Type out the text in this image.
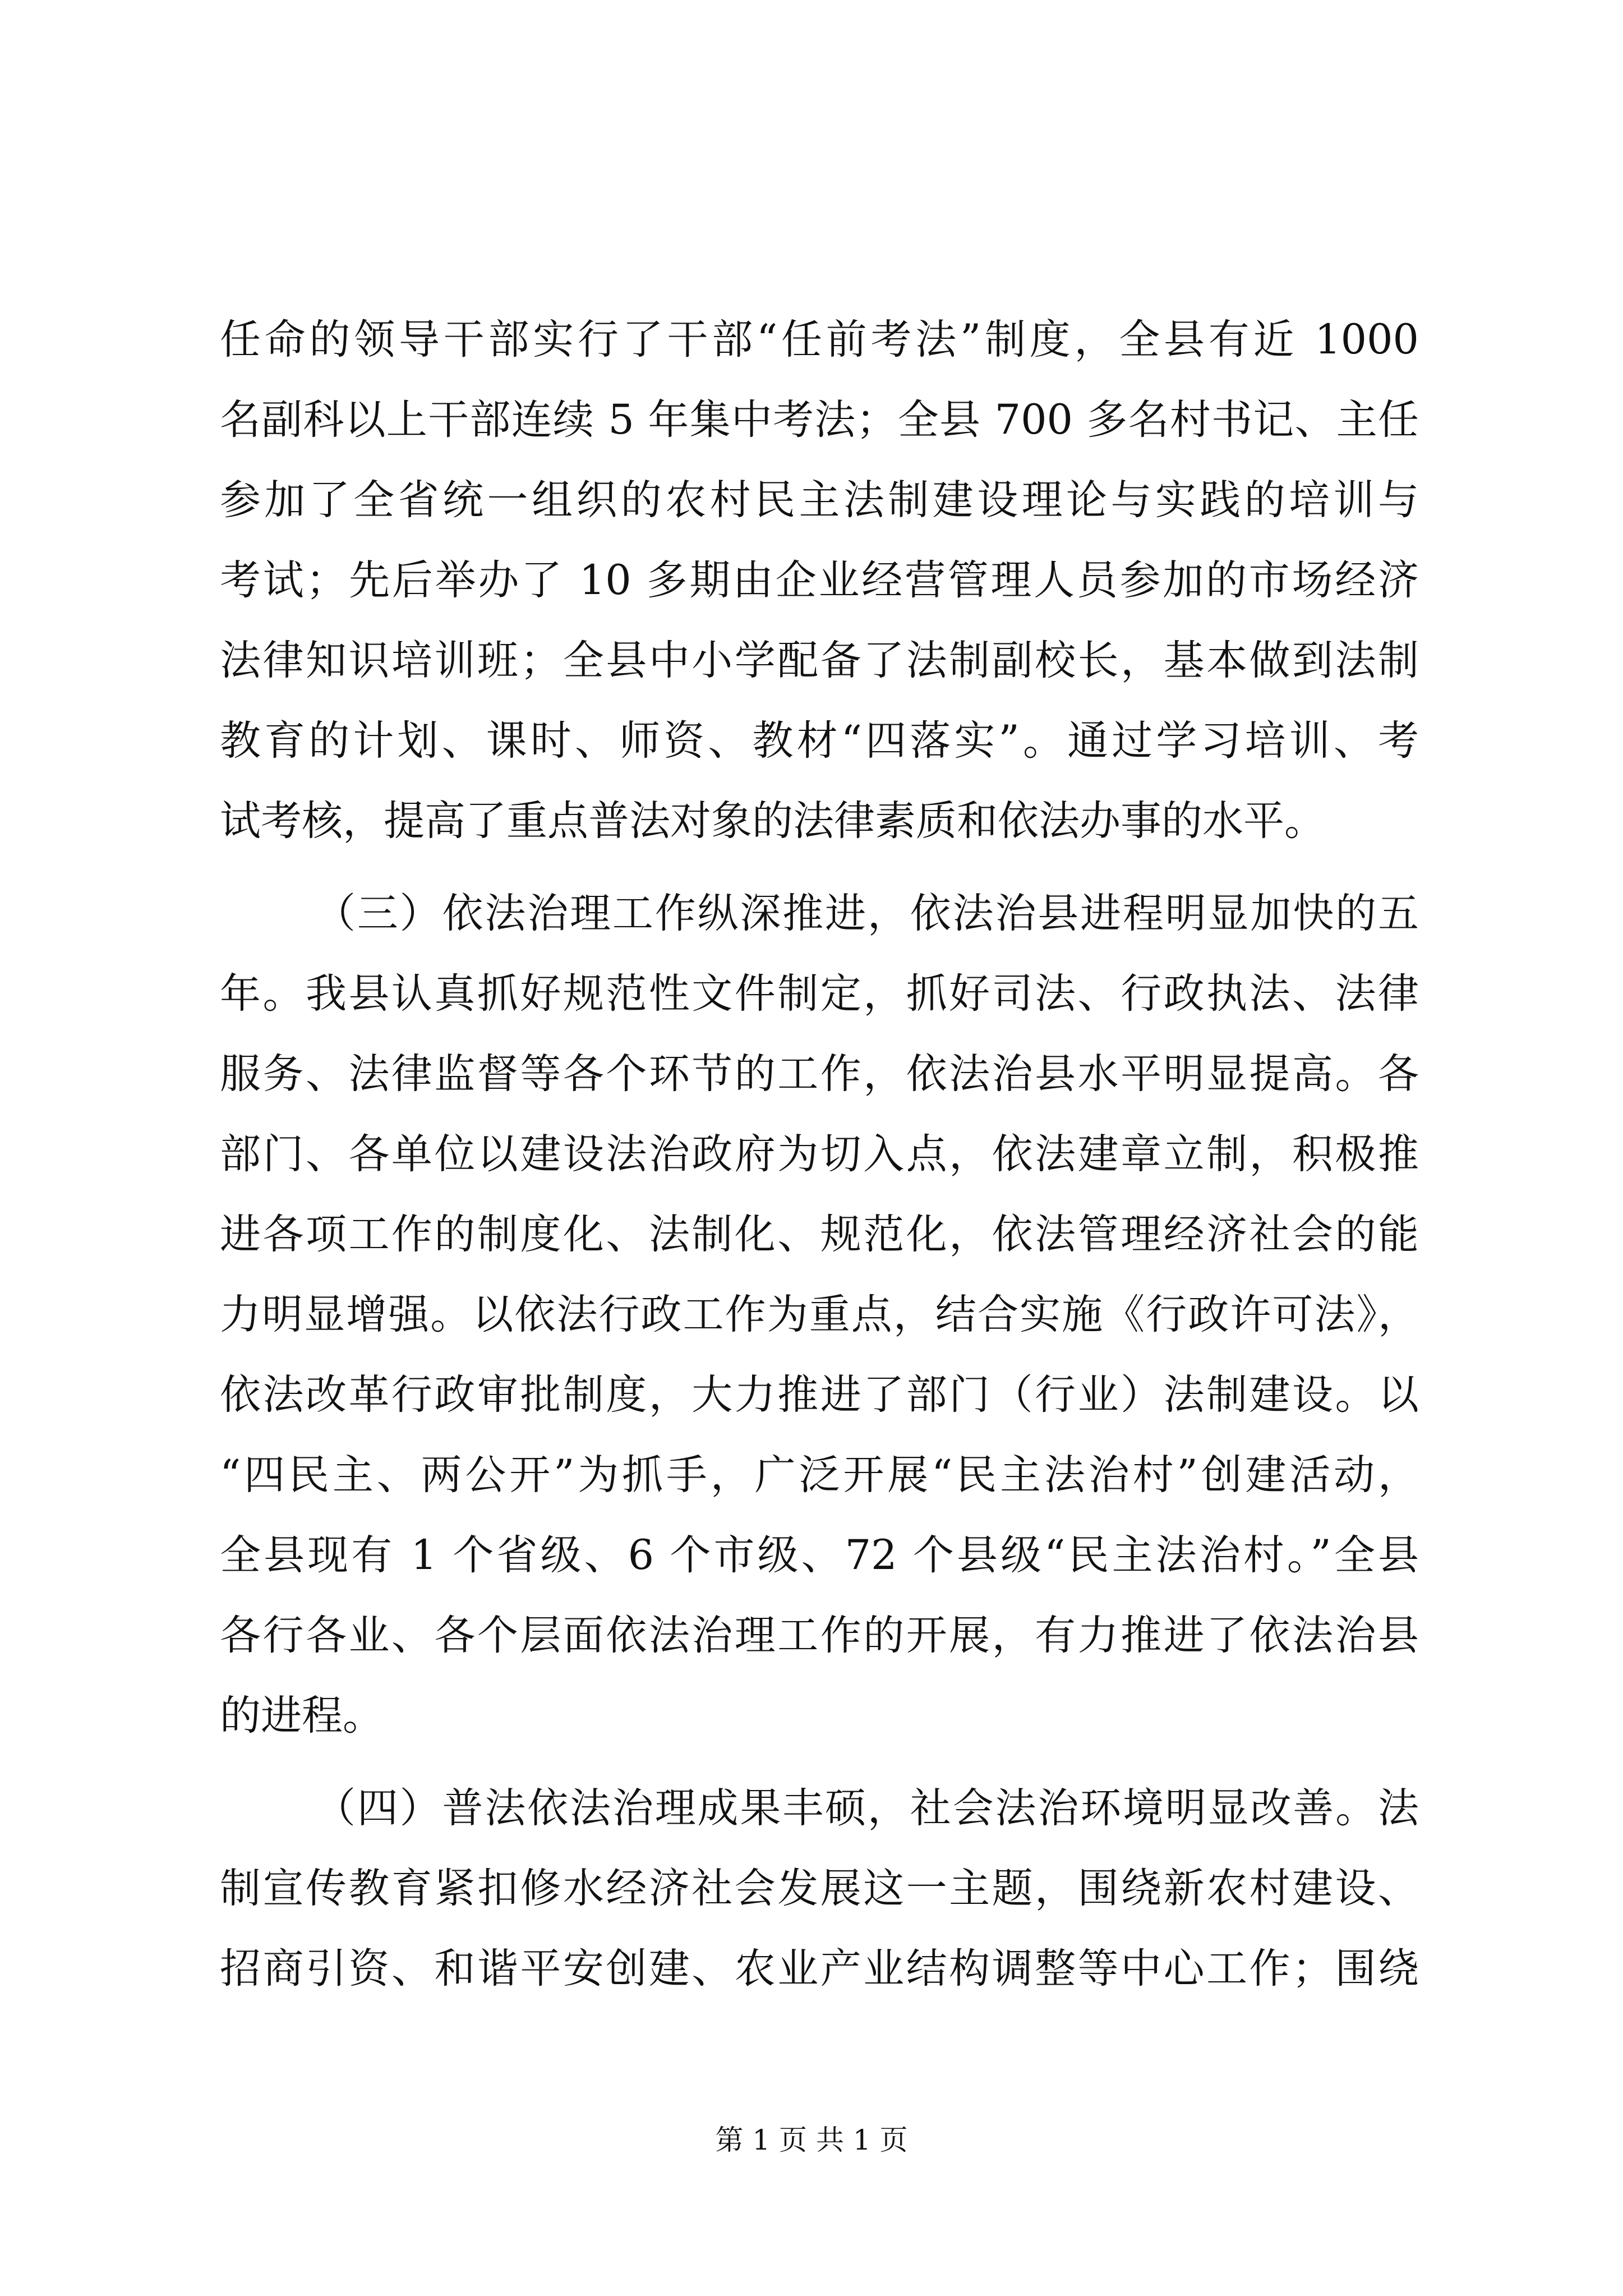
任命的领导干部实行了干部“任前考法”制度，全县有近 1000
名副科以上干部连续 5 年集中考法；全县 700 多名村书记、主任
参加了全省统一组织的农村民主法制建设理论与实践的培训与
考试；先后举办了 10 多期由企业经营管理人员参加的市场经济
法律知识培训班；全县中小学配备了法制副校长，基本做到法制
教育的计划、课时、师资、教材“四落实”。通过学习培训、考
试考核，提高了重点普法对象的法律素质和依法办事的水平。
（三）依法治理工作纵深推进，依法治县进程明显加快的五
年。我县认真抓好规范性文件制定，抓好司法、行政执法、法律
服务、法律监督等各个环节的工作，依法治县水平明显提高。各
部门、各单位以建设法治政府为切入点，依法建章立制，积极推
进各项工作的制度化、法制化、规范化，依法管理经济社会的能
力明显增强。以依法行政工作为重点，结合实施《行政许可法》，
依法改革行政审批制度，大力推进了部门（行业）法制建设。以
“四民主、两公开”为抓手，广泛开展“民主法治村”创建活动，
全县现有 1 个省级、6 个市级、72 个县级“民主法治村。”全县
各行各业、各个层面依法治理工作的开展，有力推进了依法治县
的进程。
（四）普法依法治理成果丰硕，社会法治环境明显改善。法
制宣传教育紧扣修水经济社会发展这一主题，围绕新农村建设、
招商引资、和谐平安创建、农业产业结构调整等中心工作；围绕
第 1 页 共 1 页
